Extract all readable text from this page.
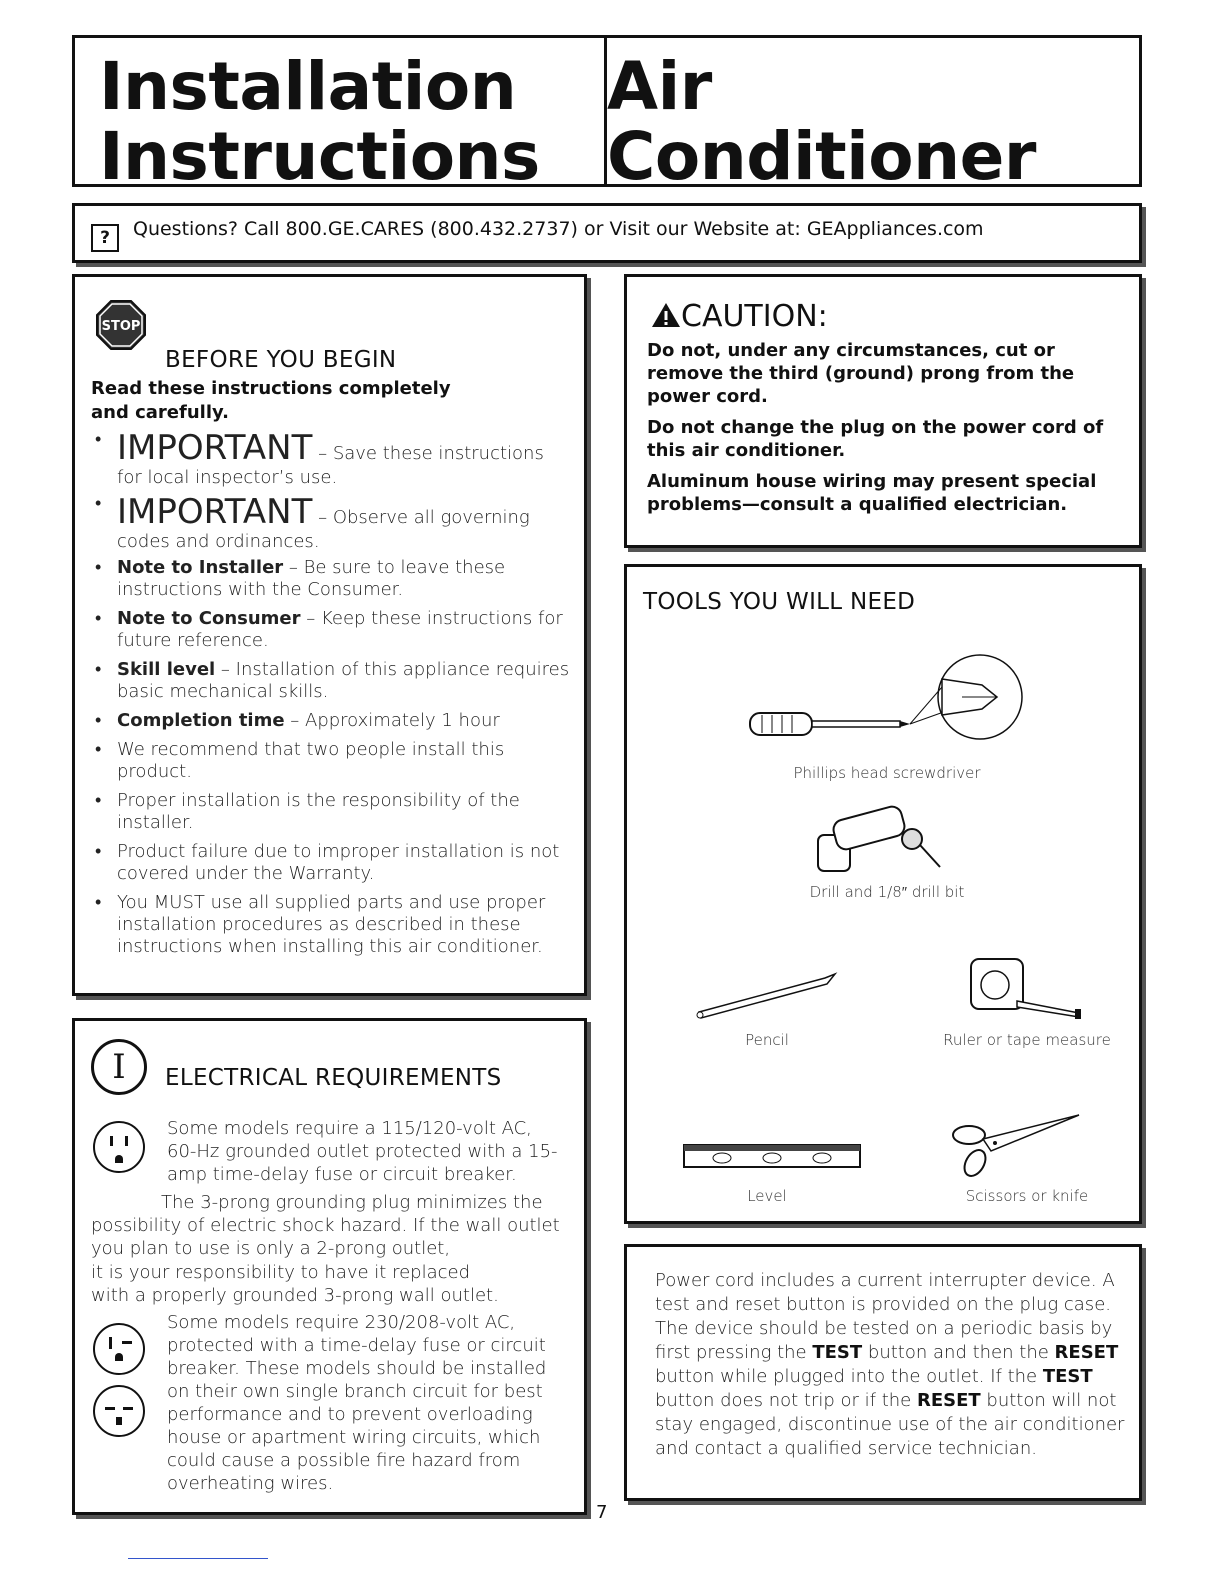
Installation
Instructions
Air Conditioner
?	Questions? Call 800.GE.CARES (800.432.2737) or Visit our Website at: GEAppliances.com
STOP
BEFORE YOU BEGIN
Read these instructions completely and carefully.
• IMPORTANT – Save these instructions for local inspector’s use.
• IMPORTANT – Observe all governing codes and ordinances.
• Note to Installer – Be sure to leave these instructions with the Consumer.
• Note to Consumer – Keep these instructions for future reference.
• Skill level – Installation of this appliance requires basic mechanical skills.
• Completion time – Approximately 1 hour
• We recommend that two people install this product.
• Proper installation is the responsibility of the installer.
• Product failure due to improper installation is not covered under the Warranty.
• You MUST use all supplied parts and use proper installation procedures as described in these instructions when installing this air conditioner.
I	ELECTRICAL REQUIREMENTS
Some models require a 115/120-volt AC, 60-Hz grounded outlet protected with a 15-amp time-delay fuse or circuit breaker.
The 3-prong grounding plug minimizes the possibility of electric shock hazard. If the wall outlet you plan to use is only a 2-prong outlet,
it is your responsibility to have it replaced with a properly grounded 3-prong wall outlet.
Some models require 230/208-volt AC, protected with a time-delay fuse or circuit breaker. These models should be installed on their own single branch circuit for best performance and to prevent overloading house or apartment wiring circuits, which could cause a possible fire hazard from overheating wires.
CAUTION:

Do not, under any circumstances, cut or remove the third (ground) prong from the power cord.

Do not change the plug on the power cord of this air conditioner.

Aluminum house wiring may present special problems—consult a qualified electrician.

TOOLS YOU WILL NEED
Phillips head screwdriver
Drill and 1/8″ drill bit
Pencil	Ruler or tape measure
Level	Scissors or knife
Power cord includes a current interrupter device. A test and reset button is provided on the plug case. The device should be tested on a periodic basis by first pressing the TEST button and then the RESET button while plugged into the outlet. If the TEST button does not trip or if the RESET button will not stay engaged, discontinue use of the air conditioner and contact a qualified service technician.
7
